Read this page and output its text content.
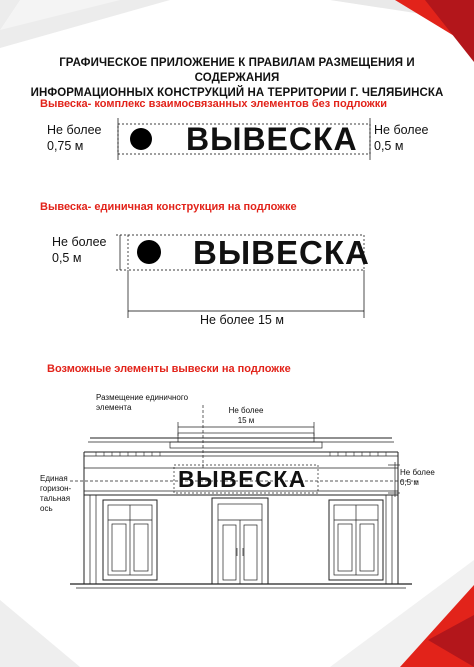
ГРАФИЧЕСКОЕ ПРИЛОЖЕНИЕ К ПРАВИЛАМ РАЗМЕЩЕНИЯ И СОДЕРЖАНИЯ
ИНФОРМАЦИОННЫХ КОНСТРУКЦИЙ НА ТЕРРИТОРИИ Г. ЧЕЛЯБИНСКА
Вывеска- комплекс взаимосвязанных элементов без подложки
Не более
0,75 м	ВЫВЕСКА Не более
0,5 м
Вывеска- единичная конструкция на подложке
Не более
0,5 м	ВЫВЕСКА
Не более 15 м
Возможные элементы вывески на подложке
Размещение единичного
элемента	Не более
15 м
Не более
0,5 м
Единая
горизон-
тальная
ось
ВЫВЕСКА
